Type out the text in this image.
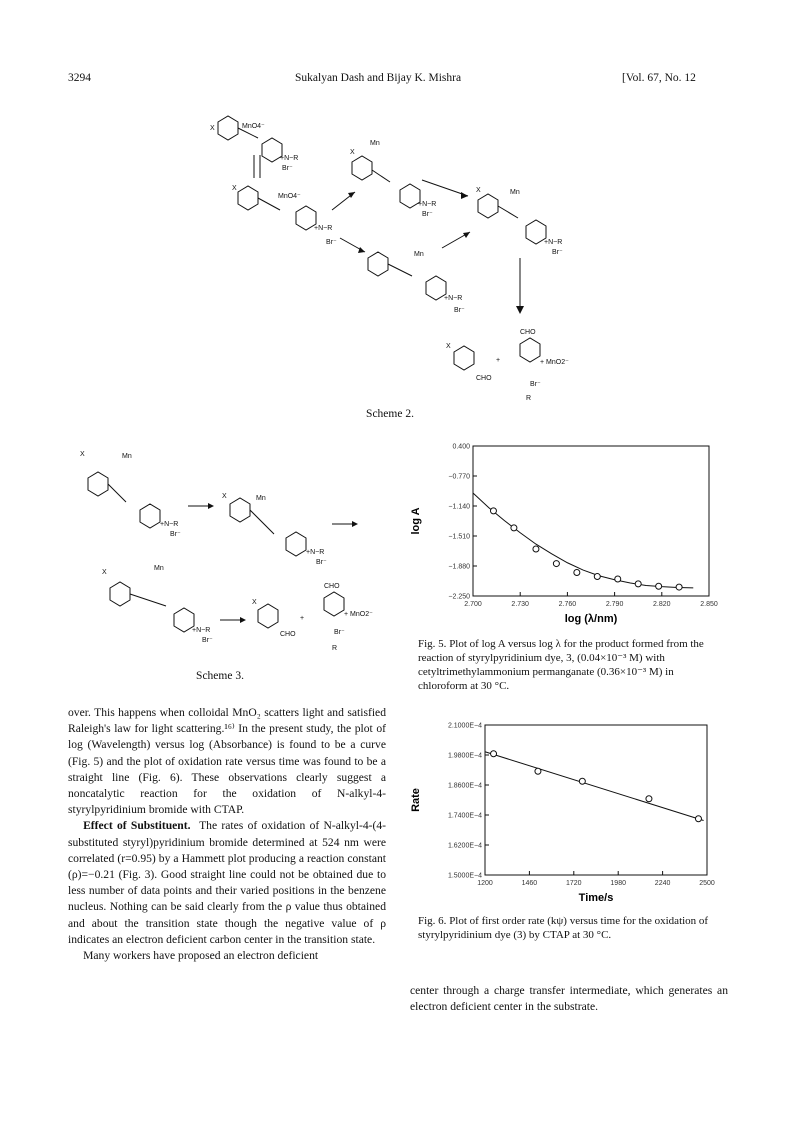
3294	Sukalyan Dash and Bijay K. Mishra	[Vol. 67, No. 12
X	MnO4⁻
+N−R
Br⁻
X
MnO4⁻
+N−R
Br⁻
X
Mn
+N−R
Br⁻
Mn
+N−R
Br⁻
X	Mn
+N−R
Br⁻
X
CHO
+
CHO
+ MnO2⁻
Br⁻
R
Scheme 2.
X	Mn
+N−R
Br⁻
X	Mn
+N−R
Br⁻
X
Mn
+N−R
Br⁻
X
CHO
+
CHO
+ MnO2⁻
Br⁻
R
Scheme 3.
2.700	2.730	2.760	2.790	2.820	2.850
0.400
−0.770
−1.140
−1.510
−1.880
−2.250
log (λ/nm)
log A
Fig. 5. Plot of log A versus log λ for the product formed from the reaction of styrylpyridinium dye, 3, (0.04×10⁻³ M) with cetyltrimethylammonium permanganate (0.36×10⁻³ M) in chloroform at 30 °C.
1200	1460	1720	1980	2240	2500
2.1000E−4
1.9800E−4
1.8600E−4
1.7400E−4
1.6200E−4
1.5000E−4
Time/s
Rate
Fig. 6. Plot of first order rate (kψ) versus time for the oxidation of styrylpyridinium dye (3) by CTAP at 30 °C.

over. This happens when colloidal MnO₂ scatters light and satisfied Raleigh's law for light scattering.¹⁶⁾ In the present study, the plot of log (Wavelength) versus log (Absorbance) is found to be a curve (Fig. 5) and the plot of oxidation rate versus time was found to be a straight line (Fig. 6). These observations clearly suggest a noncatalytic reaction for the oxidation of N-alkyl-4-styrylpyridinium bromide with CTAP.

Effect of Substituent. The rates of oxidation of N-alkyl-4-(4-substituted styryl)pyridinium bromide determined at 524 nm were correlated (r=0.95) by a Hammett plot producing a reaction constant (ρ)=−0.21 (Fig. 3). Good straight line could not be obtained due to less number of data points and their varied positions in the benzene nucleus. Nothing can be said clearly from the ρ value thus obtained and about the transition state though the negative value of ρ indicates an electron deficient carbon center in the transition state.

Many workers have proposed an electron deficient

center through a charge transfer intermediate, which generates an electron deficient center in the substrate.
